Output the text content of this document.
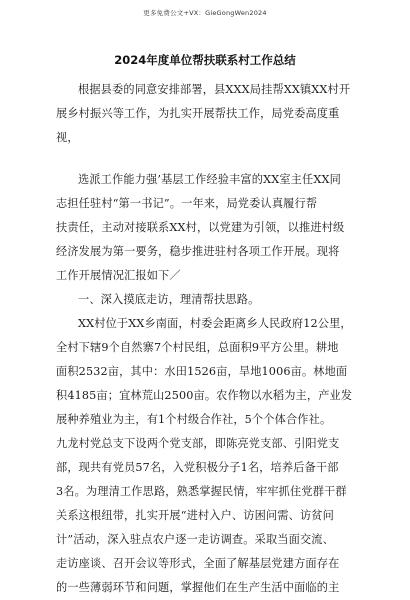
更多免费公文+VX：GieGongWen2024
2024年度单位帮扶联系村工作总结
根据县委的同意安排部署，县XXX局挂帮XX镇XX村开
展乡村振兴等工作，为扎实开展帮扶工作，局党委高度重
视，
选派工作能力强’基层工作经验丰富的XX室主任XX同
志担任驻村“第一书记”。一年来，局党委认真履行帮
扶责任，主动对接联系XX村，以党建为引领，以推进村级
经济发展为第一要务，稳步推进驻村各项工作开展。现将
工作开展情况汇报如下／
一、深入摸底走访，理清帮扶思路。
XX村位于XX乡南面，村委会距离乡人民政府12公里，
全村下辖9个自然寨7个村民组，总面积9平方公里。耕地
面积2532亩，其中：水田1526亩，旱地1006亩。林地面
积4185亩；宜林荒山2500亩。农作物以水稻为主，产业发
展种养殖业为主，有1个村级合作社，5个个体合作社。
九龙村党总支下设两个党支部，即陈亮党支部、引阳党支
部，现共有党员57名，入党积极分子1名，培养后备干部
3名。为理清工作思路，熟悉掌握民情，牢牢抓住党群干群
关系这根纽带，扎实开展“进村入户、访困问需、访贫问
计”活动，深入驻点农户逐一走访调查。采取当面交流、
走访座谈、召开会议等形式，全面了解基层党建方面存在
的一些薄弱环节和问题，掌握他们在生产生活中面临的主
